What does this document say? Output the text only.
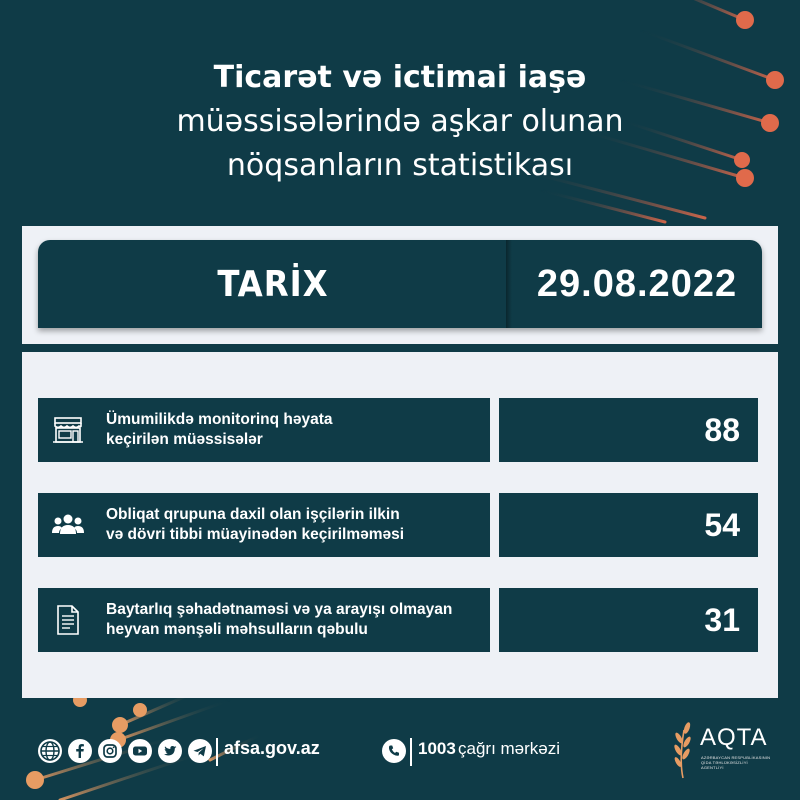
Ticarət və ictimai iaşə
müəssisələrində aşkar olunan
nöqsanların statistikası
TARİX	29.08.2022
Ümumilikdə monitorinq həyata
keçirilən müəssisələr	88
Obliqat qrupuna daxil olan işçilərin ilkin
və dövri tibbi müayinədən keçirilməməsi	54
Baytarlıq şəhadətnaməsi və ya arayışı olmayan
heyvan mənşəli məhsulların qəbulu	31
afsa.gov.az	1003 çağrı mərkəzi	AQTA
AZƏRBAYCAN RESPUBLİKASININ QİDA TƏHLÜKƏSİZLİYİ AGENTLİYİ
